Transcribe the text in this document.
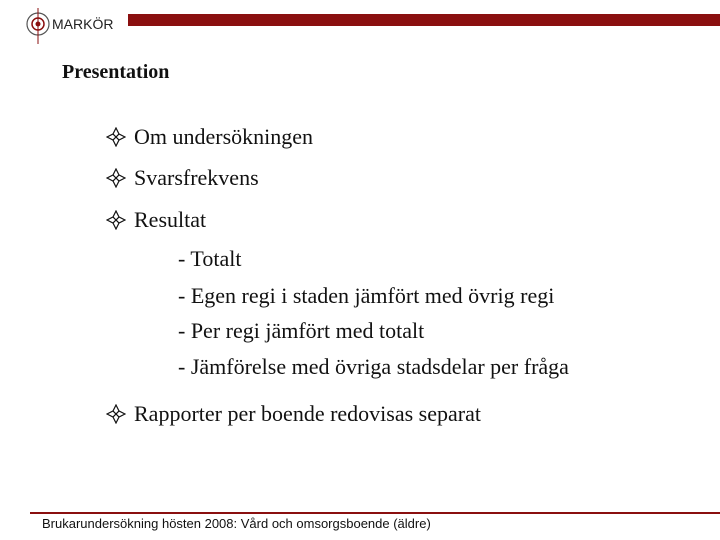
MARKÖR
Presentation
Om undersökningen
Svarsfrekvens
Resultat
- Totalt
- Egen regi i staden jämfört med övrig regi
- Per regi jämfört med totalt
- Jämförelse med övriga stadsdelar per fråga
Rapporter per boende redovisas separat
Brukarundersökning hösten 2008: Vård och omsorgsboende (äldre)
